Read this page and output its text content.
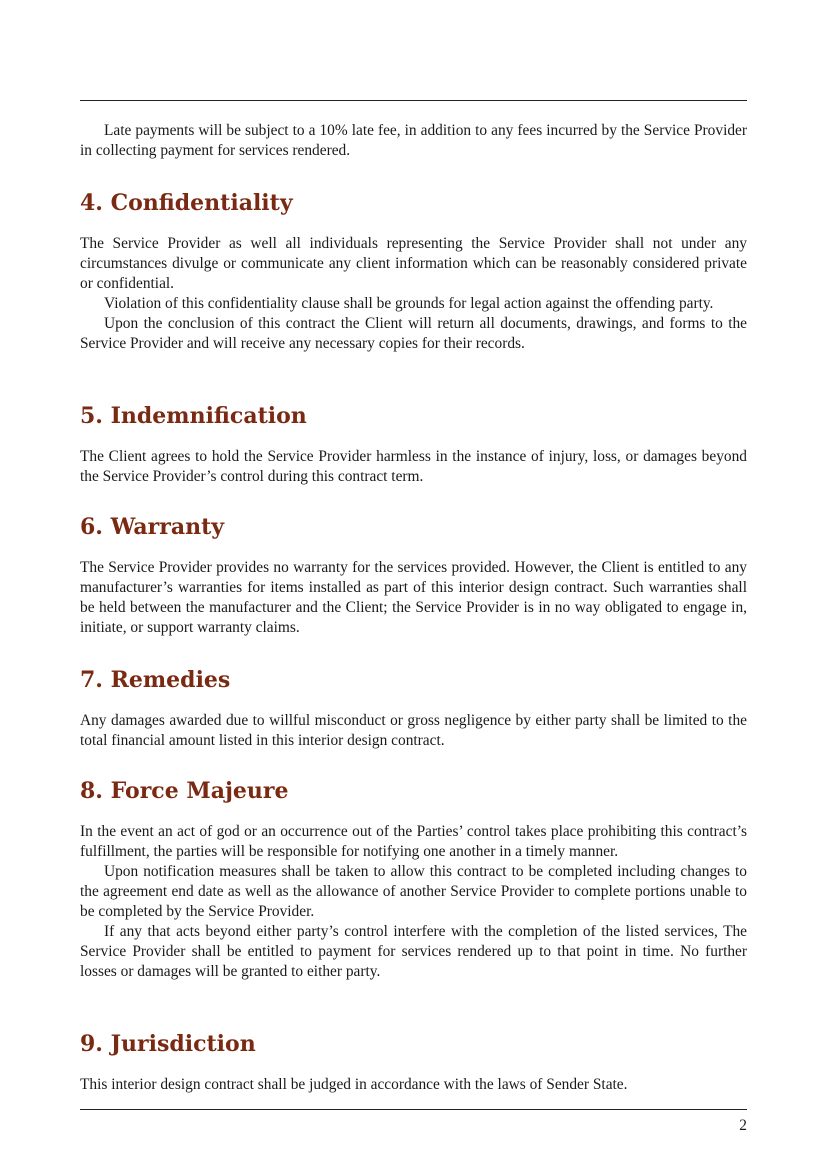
Late payments will be subject to a 10% late fee, in addition to any fees incurred by the Service Provider in collecting payment for services rendered.

4. Confidentiality

The Service Provider as well all individuals representing the Service Provider shall not under any circumstances divulge or communicate any client information which can be reasonably considered private or confidential.

Violation of this confidentiality clause shall be grounds for legal action against the offending party.

Upon the conclusion of this contract the Client will return all documents, drawings, and forms to the Service Provider and will receive any necessary copies for their records.

5. Indemnification

The Client agrees to hold the Service Provider harmless in the instance of injury, loss, or damages beyond the Service Provider’s control during this contract term.

6. Warranty

The Service Provider provides no warranty for the services provided. However, the Client is entitled to any manufacturer’s warranties for items installed as part of this interior design contract. Such warranties shall be held between the manufacturer and the Client; the Service Provider is in no way obligated to engage in, initiate, or support warranty claims.

7. Remedies

Any damages awarded due to willful misconduct or gross negligence by either party shall be limited to the total financial amount listed in this interior design contract.

8. Force Majeure

In the event an act of god or an occurrence out of the Parties’ control takes place prohibiting this contract’s fulfillment, the parties will be responsible for notifying one another in a timely manner.

Upon notification measures shall be taken to allow this contract to be completed including changes to the agreement end date as well as the allowance of another Service Provider to complete portions unable to be completed by the Service Provider.

If any that acts beyond either party’s control interfere with the completion of the listed services, The Service Provider shall be entitled to payment for services rendered up to that point in time. No further losses or damages will be granted to either party.

9. Jurisdiction

This interior design contract shall be judged in accordance with the laws of Sender State.

2
